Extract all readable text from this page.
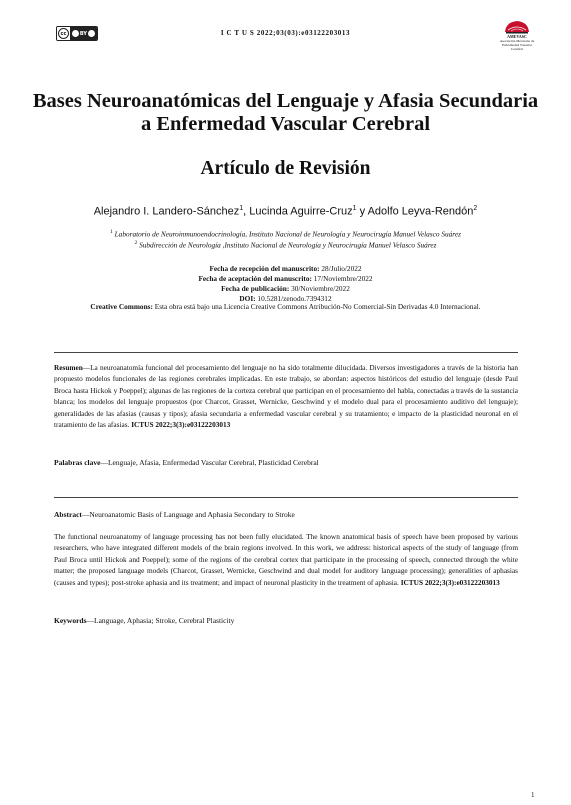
cc	BY	I C T U S 2022;03(03):e03122203013	AMEVASC
Asociación Mexicana de Enfermedad Vascular Cerebral
Bases Neuroanatómicas del Lenguaje y Afasia Secundaria
a Enfermedad Vascular Cerebral
Artículo de Revisión
Alejandro I. Landero-Sánchez$^1$, Lucinda Aguirre-Cruz$^1$ y Adolfo Leyva-Rendón$^2$
$^1$ Laboratorio de Neuroinmunoendocrinología, Instituto Nacional de Neurología y Neurocirugía Manuel Velasco Suárez
$^2$ Subdirección de Neurología ,Instituto Nacional de Neurología y Neurocirugía Manuel Velasco Suárez
Fecha de recepción del manuscrito: 28/Julio/2022
Fecha de aceptación del manuscrito: 17/Noviembre/2022
Fecha de publicación: 30/Noviembre/2022
DOI: 10.5281/zenodo.7394312
Creative Commons: Esta obra está bajo una Licencia Creative Commons Atribución-No Comercial-Sin Derivadas 4.0 Internacional.
Resumen—La neuroanatomía funcional del procesamiento del lenguaje no ha sido totalmente dilucidada. Diversos investigadores a través de la historia han propuesto modelos funcionales de las regiones cerebrales implicadas. En este trabajo, se abordan: aspectos históricos del estudio del lenguaje (desde Paul Broca hasta Hickok y Poeppel); algunas de las regiones de la corteza cerebral que participan en el procesamiento del habla, conectadas a través de la sustancia blanca; los modelos del lenguaje propuestos (por Charcot, Grasset, Wernicke, Geschwind y el modelo dual para el procesamiento auditivo del lenguaje); generalidades de las afasias (causas y tipos); afasia secundaria a enfermedad vascular cerebral y su tratamiento; e impacto de la plasticidad neuronal en el tratamiento de las afasias. ICTUS 2022;3(3):e03122203013
Palabras clave—Lenguaje, Afasia, Enfermedad Vascular Cerebral, Plasticidad Cerebral
Abstract—Neuroanatomic Basis of Language and Aphasia Secondary to Stroke
The functional neuroanatomy of language processing has not been fully elucidated. The known anatomical basis of speech have been proposed by various researchers, who have integrated different models of the brain regions involved. In this work, we address: historical aspects of the study of language (from Paul Broca until Hickok and Poeppel); some of the regions of the cerebral cortex that participate in the processing of speech, connected through the white matter; the proposed language models (Charcot, Grasset, Wernicke, Geschwind and dual model for auditory language processing); generalities of aphasias (causes and types); post-stroke aphasia and its treatment; and impact of neuronal plasticity in the treatment of aphasia. ICTUS 2022;3(3):e03122203013
Keywords—Language, Aphasia; Stroke, Cerebral Plasticity
1
